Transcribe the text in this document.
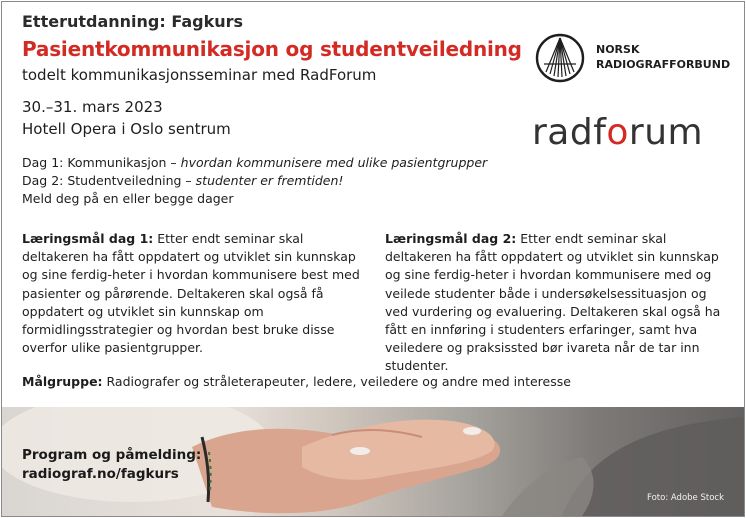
Etterutdanning: Fagkurs
Pasientkommunikasjon og studentveiledning
todelt kommunikasjonsseminar med RadForum
30.–31. mars 2023
Hotell Opera i Oslo sentrum
Dag 1: Kommunikasjon – hvordan kommunisere med ulike pasientgrupper
Dag 2: Studentveiledning – studenter er fremtiden!
Meld deg på en eller begge dager
NORSK
RADIOGRAFFORBUND
radforum
Læringsmål dag 1: Etter endt seminar skal deltakeren ha fått oppdatert og utviklet sin kunnskap og sine ferdig-heter i hvordan kommunisere best med pasienter og pårørende. Deltakeren skal også få oppdatert og utviklet sin kunnskap om formidlingsstrategier og hvordan best bruke disse overfor ulike pasientgrupper.
Læringsmål dag 2: Etter endt seminar skal deltakeren ha fått oppdatert og utviklet sin kunnskap og sine ferdig-heter i hvordan kommunisere med og veilede studenter både i undersøkelsessituasjon og ved vurdering og evaluering. Deltakeren skal også ha fått en innføring i studenters erfaringer, samt hva veiledere og praksissted bør ivareta når de tar inn studenter.
Målgruppe: Radiografer og stråleterapeuter, ledere, veiledere og andre med interesse
Program og påmelding:
radiograf.no/fagkurs
Foto: Adobe Stock
